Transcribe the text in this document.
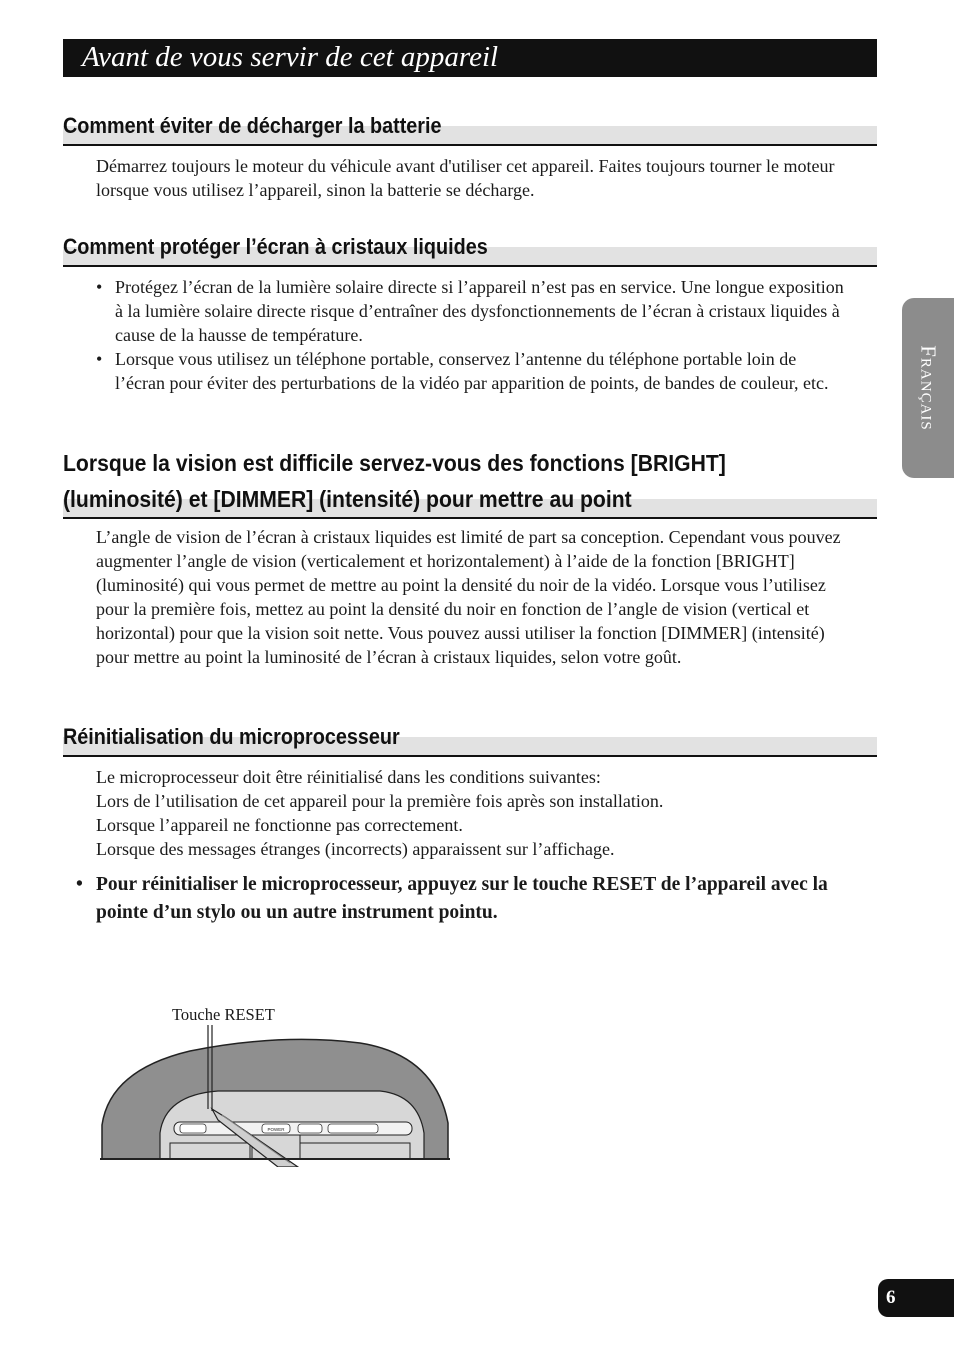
Avant de vous servir de cet appareil
Comment éviter de décharger la batterie

Démarrez toujours le moteur du véhicule avant d'utiliser cet appareil. Faites toujours tourner le moteur lorsque vous utilisez l’appareil, sinon la batterie se décharge.

Comment protéger l’écran à cristaux liquides
• Protégez l’écran de la lumière solaire directe si l’appareil n’est pas en service. Une longue exposition à la lumière solaire directe risque d’entraîner des dysfonctionnements de l’écran à cristaux liquides à cause de la hausse de température.
• Lorsque vous utilisez un téléphone portable, conservez l’antenne du téléphone portable loin de l’écran pour éviter des perturbations de la vidéo par apparition de points, de bandes de couleur, etc.
Lorsque la vision est difficile servez-vous des fonctions [BRIGHT]
(luminosité) et [DIMMER] (intensité) pour mettre au point

L’angle de vision de l’écran à cristaux liquides est limité de part sa conception. Cependant vous pouvez augmenter l’angle de vision (verticalement et horizontalement) à l’aide de la fonction [BRIGHT] (luminosité) qui vous permet de mettre au point la densité du noir de la vidéo. Lorsque vous l’utilisez pour la première fois, mettez au point la densité du noir en fonction de l’angle de vision (vertical et horizontal) pour que la vision soit nette. Vous pouvez aussi utiliser la fonction [DIMMER] (intensité) pour mettre au point la luminosité de l’écran à cristaux liquides, selon votre goût.

Réinitialisation du microprocesseur

Le microprocesseur doit être réinitialisé dans les conditions suivantes:

Lors de l’utilisation de cet appareil pour la première fois après son installation.

Lorsque l’appareil ne fonctionne pas correctement.

Lorsque des messages étranges (incorrects) apparaissent sur l’affichage.

• Pour réinitialiser le microprocesseur, appuyez sur le touche RESET de l’appareil avec la pointe d’un stylo ou un autre instrument pointu.
Touche RESET
POWER
Français
6
